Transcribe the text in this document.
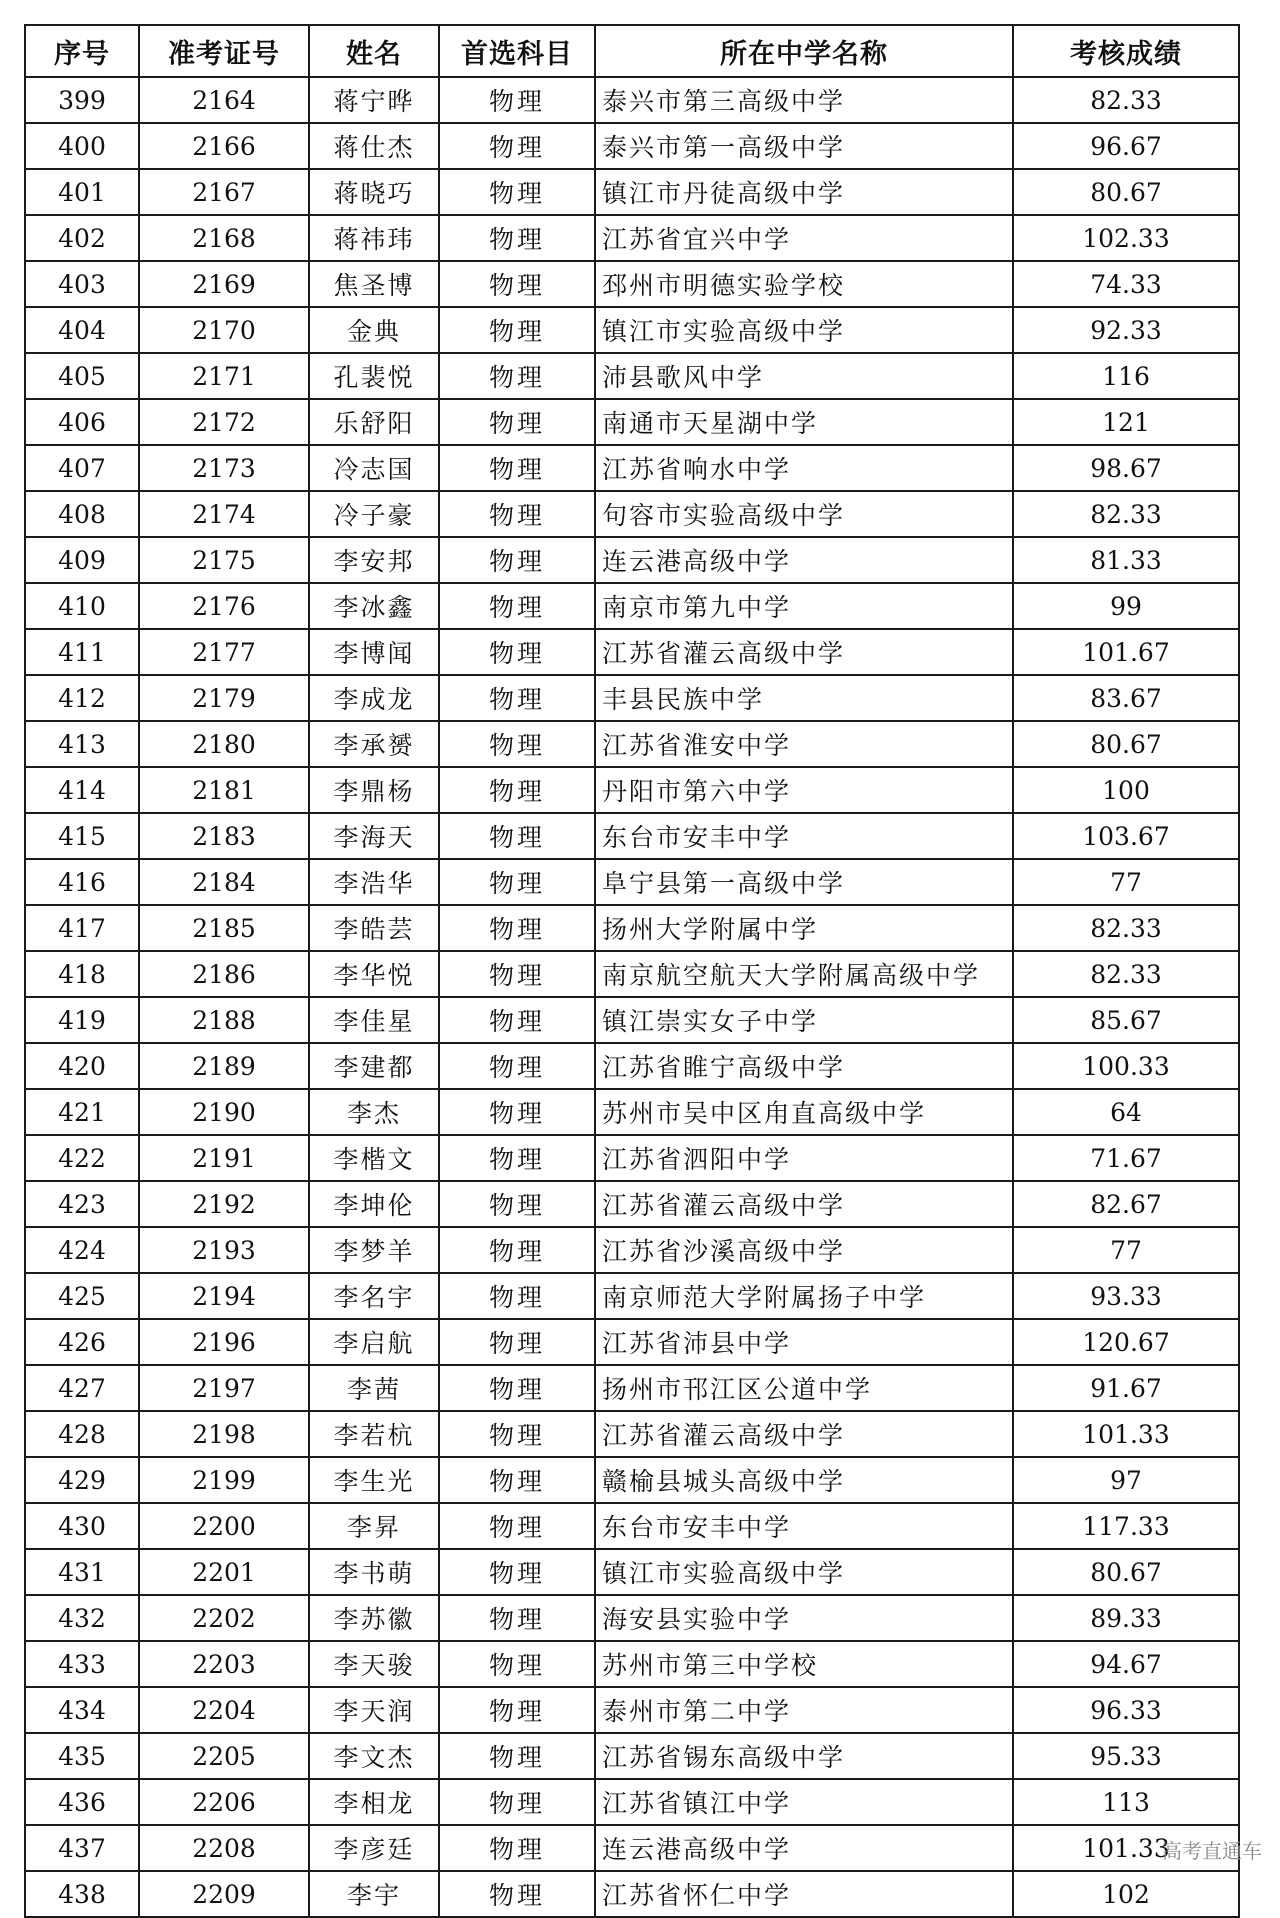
序号	准考证号	姓名	首选科目	所在中学名称	考核成绩
399	2164	蒋宁晔	物理	泰兴市第三高级中学	82.33
400	2166	蒋仕杰	物理	泰兴市第一高级中学	96.67
401	2167	蒋晓巧	物理	镇江市丹徒高级中学	80.67
402	2168	蒋祎玮	物理	江苏省宜兴中学	102.33
403	2169	焦圣博	物理	邳州市明德实验学校	74.33
404	2170	金典	物理	镇江市实验高级中学	92.33
405	2171	孔裴悦	物理	沛县歌风中学	116
406	2172	乐舒阳	物理	南通市天星湖中学	121
407	2173	冷志国	物理	江苏省响水中学	98.67
408	2174	冷子豪	物理	句容市实验高级中学	82.33
409	2175	李安邦	物理	连云港高级中学	81.33
410	2176	李冰鑫	物理	南京市第九中学	99
411	2177	李博闻	物理	江苏省灌云高级中学	101.67
412	2179	李成龙	物理	丰县民族中学	83.67
413	2180	李承赟	物理	江苏省淮安中学	80.67
414	2181	李鼎杨	物理	丹阳市第六中学	100
415	2183	李海天	物理	东台市安丰中学	103.67
416	2184	李浩华	物理	阜宁县第一高级中学	77
417	2185	李皓芸	物理	扬州大学附属中学	82.33
418	2186	李华悦	物理	南京航空航天大学附属高级中学	82.33
419	2188	李佳星	物理	镇江崇实女子中学	85.67
420	2189	李建都	物理	江苏省睢宁高级中学	100.33
421	2190	李杰	物理	苏州市吴中区甪直高级中学	64
422	2191	李楷文	物理	江苏省泗阳中学	71.67
423	2192	李坤伦	物理	江苏省灌云高级中学	82.67
424	2193	李梦羊	物理	江苏省沙溪高级中学	77
425	2194	李名宇	物理	南京师范大学附属扬子中学	93.33
426	2196	李启航	物理	江苏省沛县中学	120.67
427	2197	李茜	物理	扬州市邗江区公道中学	91.67
428	2198	李若杭	物理	江苏省灌云高级中学	101.33
429	2199	李生光	物理	赣榆县城头高级中学	97
430	2200	李昇	物理	东台市安丰中学	117.33
431	2201	李书萌	物理	镇江市实验高级中学	80.67
432	2202	李苏徽	物理	海安县实验中学	89.33
433	2203	李天骏	物理	苏州市第三中学校	94.67
434	2204	李天润	物理	泰州市第二中学	96.33
435	2205	李文杰	物理	江苏省锡东高级中学	95.33
436	2206	李相龙	物理	江苏省镇江中学	113
437	2208	李彦廷	物理	连云港高级中学	101.33
438	2209	李宇	物理	江苏省怀仁中学	102
高考直通车
